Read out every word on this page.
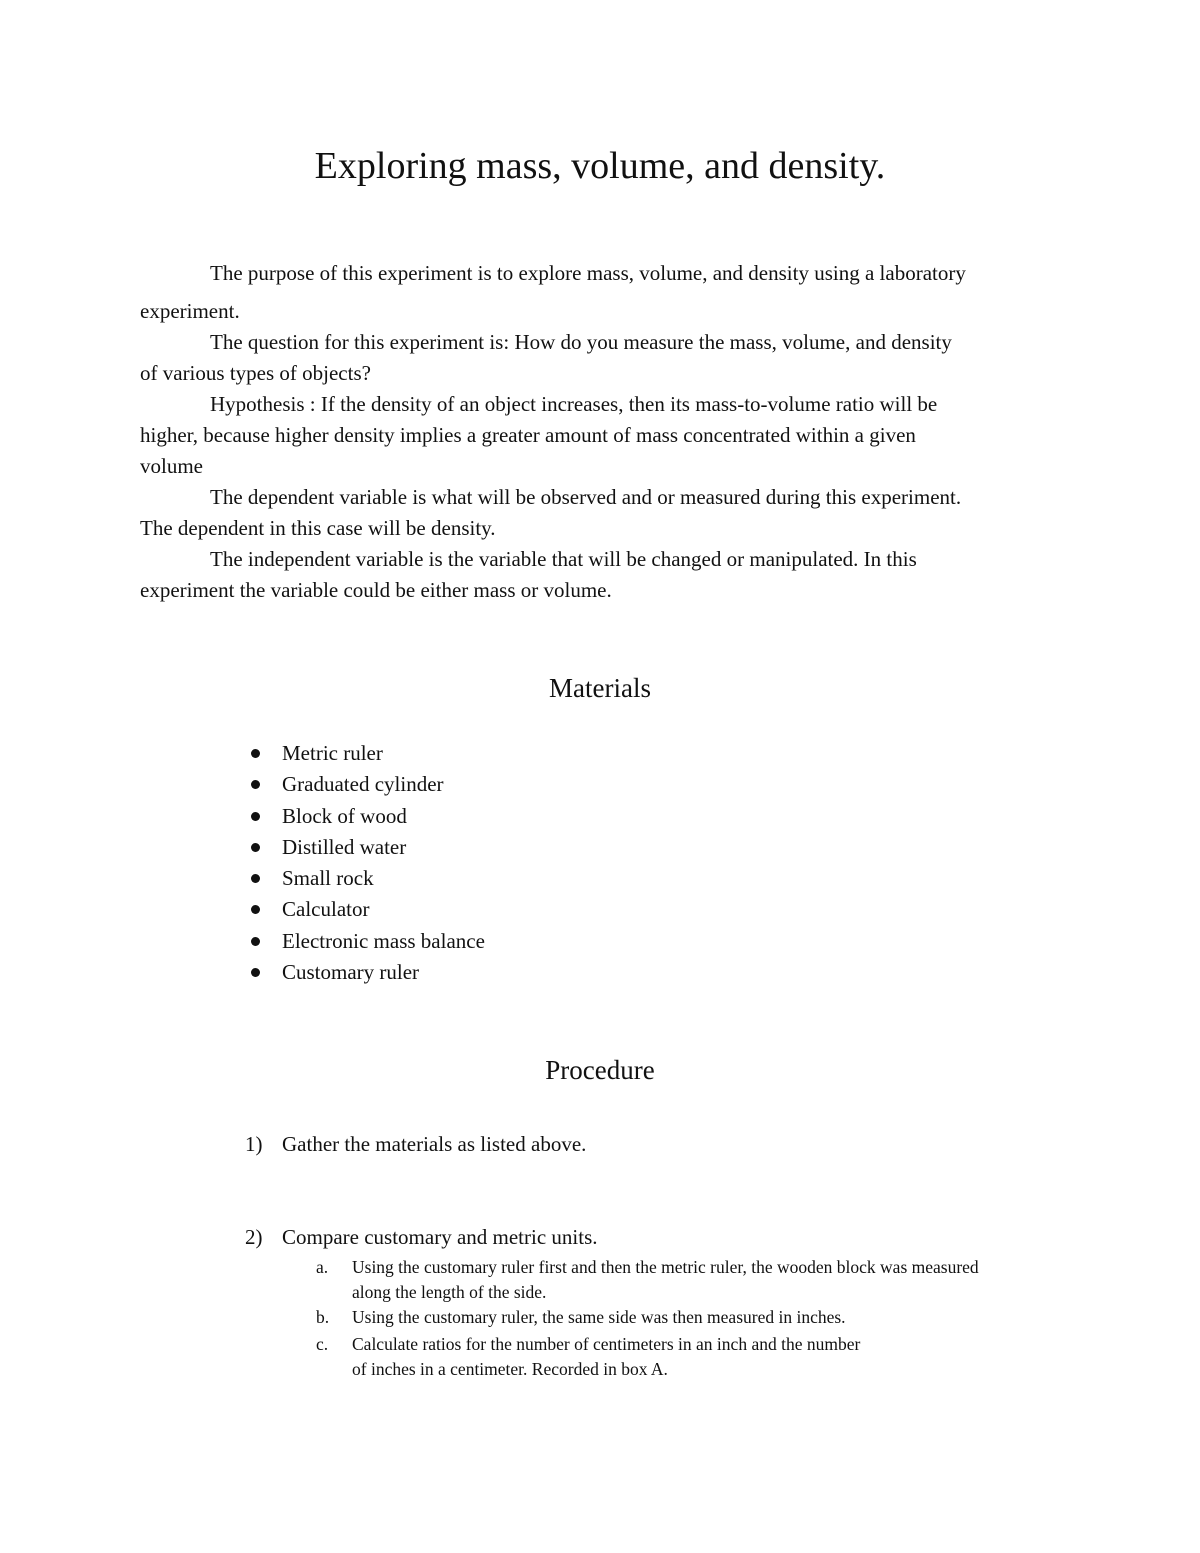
Exploring mass, volume, and density.
The purpose of this experiment is to explore mass, volume, and density using a laboratory
experiment.
The question for this experiment is: How do you measure the mass, volume, and density
of various types of objects?
Hypothesis : If the density of an object increases, then its mass-to-volume ratio will be
higher, because higher density implies a greater amount of mass concentrated within a given
volume
The dependent variable is what will be observed and or measured during this experiment.
The dependent in this case will be density.
The independent variable is the variable that will be changed or manipulated. In this
experiment the variable could be either mass or volume.
Materials
Metric ruler
Graduated cylinder
Block of wood
Distilled water
Small rock
Calculator
Electronic mass balance
Customary ruler
Procedure
1) Gather the materials as listed above.
2) Compare customary and metric units.
a. Using the customary ruler first and then the metric ruler, the wooden block was measured
along the length of the side.
b. Using the customary ruler, the same side was then measured in inches.
c. Calculate ratios for the number of centimeters in an inch and the number
of inches in a centimeter. Recorded in box A.
